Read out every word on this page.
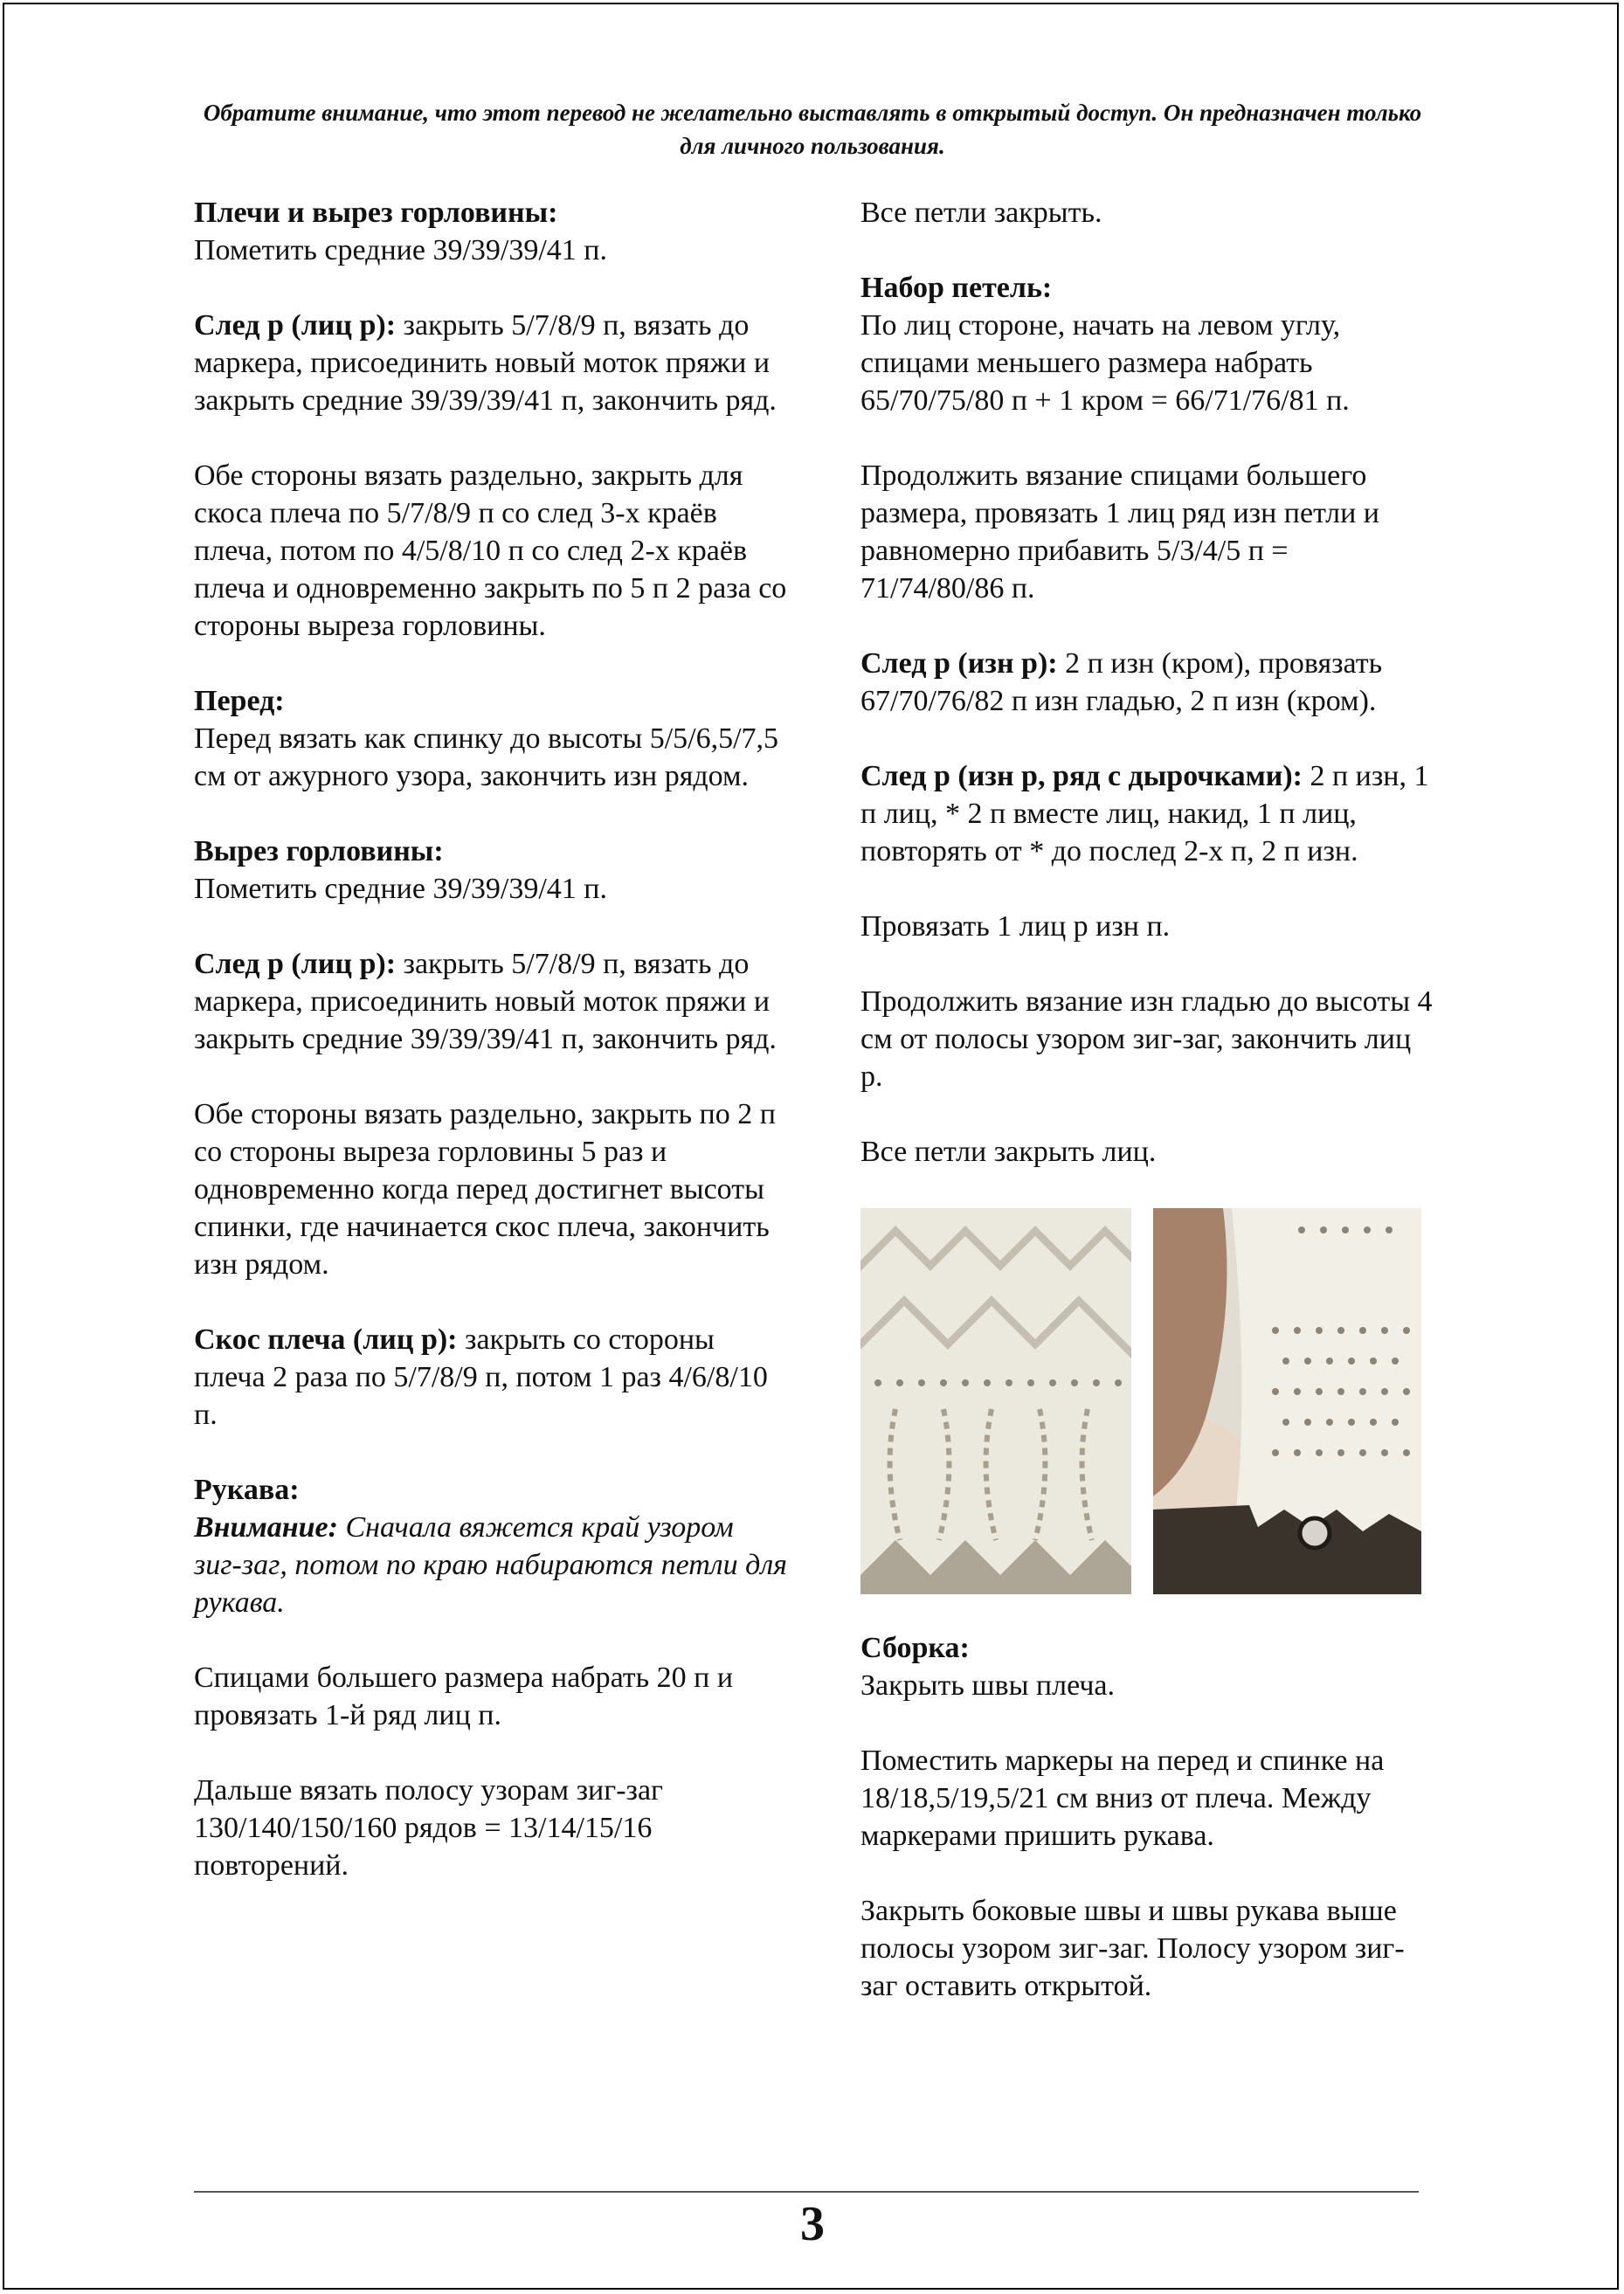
Обратите внимание, что этот перевод не желательно выставлять в открытый доступ. Он предназначен только для личного пользования.

Плечи и вырез горловины:
Пометить средние 39/39/39/41 п.

След р (лиц р): закрыть 5/7/8/9 п, вязать до маркера, присоединить новый моток пряжи и закрыть средние 39/39/39/41 п, закончить ряд.

Обе стороны вязать раздельно, закрыть для скоса плеча по 5/7/8/9 п со след 3-х краёв плеча, потом по 4/5/8/10 п со след 2-х краёв плеча и одновременно закрыть по 5 п 2 раза со стороны выреза горловины.

Перед:
Перед вязать как спинку до высоты 5/5/6,5/7,5 см от ажурного узора, закончить изн рядом.

Вырез горловины:
Пометить средние 39/39/39/41 п.

След р (лиц р): закрыть 5/7/8/9 п, вязать до маркера, присоединить новый моток пряжи и закрыть средние 39/39/39/41 п, закончить ряд.

Обе стороны вязать раздельно, закрыть по 2 п со стороны выреза горловины 5 раз и одновременно когда перед достигнет высоты спинки, где начинается скос плеча, закончить изн рядом.

Скос плеча (лиц р): закрыть со стороны плеча 2 раза по 5/7/8/9 п, потом 1 раз 4/6/8/10 п.

Рукава:
Внимание: Сначала вяжется край узором зиг-заг, потом по краю набираются петли для рукава.

Спицами большего размера набрать 20 п и провязать 1-й ряд лиц п.

Дальше вязать полосу узорам зиг-заг 130/140/150/160 рядов = 13/14/15/16 повторений.

Все петли закрыть.

Набор петель:
По лиц стороне, начать на левом углу, спицами меньшего размера набрать 65/70/75/80 п + 1 кром = 66/71/76/81 п.

Продолжить вязание спицами большего размера, провязать 1 лиц ряд изн петли и равномерно прибавить 5/3/4/5 п = 71/74/80/86 п.

След р (изн р): 2 п изн (кром), провязать 67/70/76/82 п изн гладью, 2 п изн (кром).

След р (изн р, ряд с дырочками): 2 п изн, 1 п лиц, * 2 п вместе лиц, накид, 1 п лиц, повторять от * до послед 2-х п, 2 п изн.

Провязать 1 лиц р изн п.

Продолжить вязание изн гладью до высоты 4 см от полосы узором зиг-заг, закончить лиц р.

Все петли закрыть лиц.

Сборка:
Закрыть швы плеча.

Поместить маркеры на перед и спинке на 18/18,5/19,5/21 см вниз от плеча. Между маркерами пришить рукава.

Закрыть боковые швы и швы рукава выше полосы узором зиг-заг. Полосу узором зиг-заг оставить открытой.

3
